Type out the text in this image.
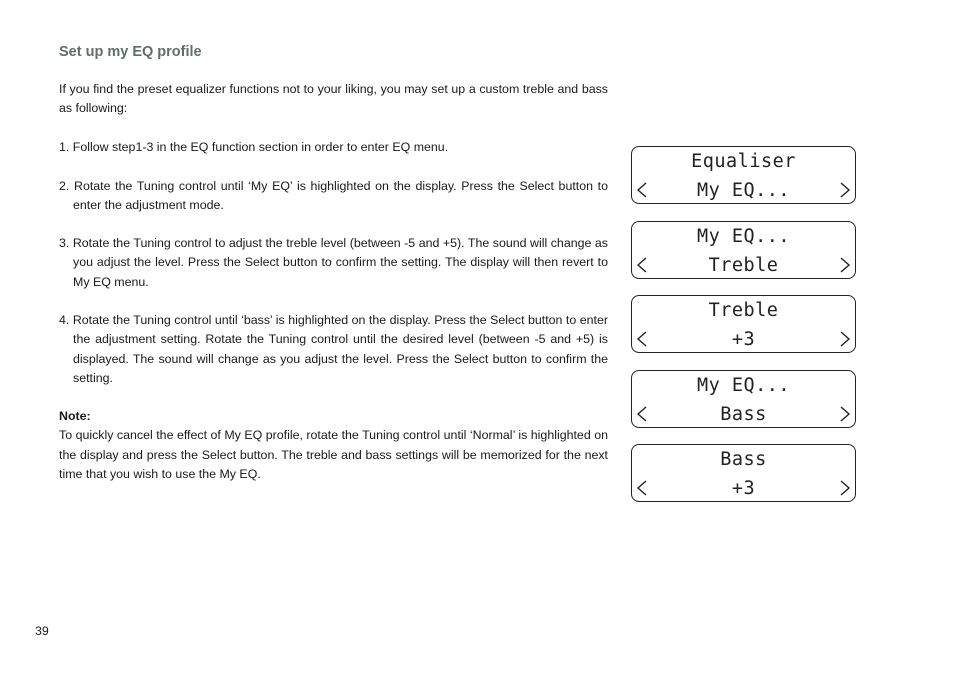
Set up my EQ profile

If you find the preset equalizer functions not to your liking, you may set up a custom treble and bass as following:

1. Follow step1-3 in the EQ function section in order to enter EQ menu.

2. Rotate the Tuning control until ‘My EQ’ is highlighted on the display. Press the Select button to enter the adjustment mode.

3. Rotate the Tuning control to adjust the treble level (between -5 and +5). The sound will change as you adjust the level. Press the Select button to confirm the setting. The display will then revert to My EQ menu.

4. Rotate the Tuning control until ‘bass’ is highlighted on the display. Press the Select button to enter the adjustment setting. Rotate the Tuning control until the desired level (between -5 and +5) is displayed. The sound will change as you adjust the level. Press the Select button to confirm the setting.

Note:

To quickly cancel the effect of My EQ profile, rotate the Tuning control until ‘Normal’ is highlighted on the display and press the Select button. The treble and bass settings will be memorized for the next time that you wish to use the My EQ.

39
Equaliser
My EQ...
My EQ...
Treble
Treble
+3
My EQ...
Bass
Bass
+3
